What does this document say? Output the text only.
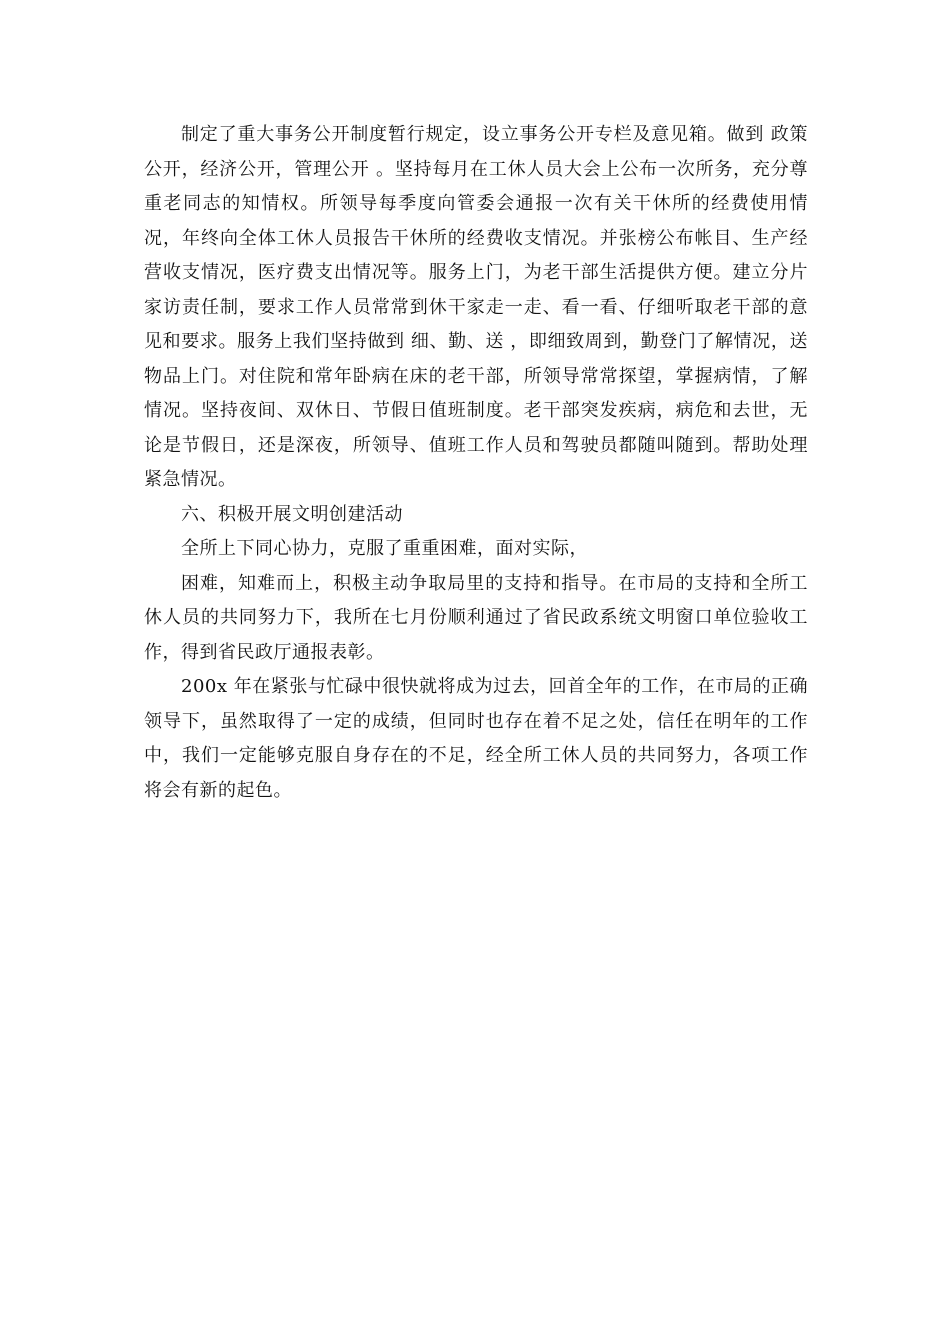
制定了重大事务公开制度暂行规定，设立事务公开专栏及意见箱。做到 政策公开，经济公开，管理公开 。坚持每月在工休人员大会上公布一次所务，充分尊重老同志的知情权。所领导每季度向管委会通报一次有关干休所的经费使用情况，年终向全体工休人员报告干休所的经费收支情况。并张榜公布帐目、生产经营收支情况，医疗费支出情况等。服务上门，为老干部生活提供方便。建立分片家访责任制，要求工作人员常常到休干家走一走、看一看、仔细听取老干部的意见和要求。服务上我们坚持做到 细、勤、送 ，即细致周到，勤登门了解情况，送物品上门。对住院和常年卧病在床的老干部，所领导常常探望，掌握病情，了解情况。坚持夜间、双休日、节假日值班制度。老干部突发疾病，病危和去世，无论是节假日，还是深夜，所领导、值班工作人员和驾驶员都随叫随到。帮助处理紧急情况。

六、积极开展文明创建活动

全所上下同心协力，克服了重重困难，面对实际，

困难，知难而上，积极主动争取局里的支持和指导。在市局的支持和全所工休人员的共同努力下，我所在七月份顺利通过了省民政系统文明窗口单位验收工作，得到省民政厅通报表彰。

200x 年在紧张与忙碌中很快就将成为过去，回首全年的工作，在市局的正确领导下，虽然取得了一定的成绩，但同时也存在着不足之处，信任在明年的工作中，我们一定能够克服自身存在的不足，经全所工休人员的共同努力，各项工作将会有新的起色。
